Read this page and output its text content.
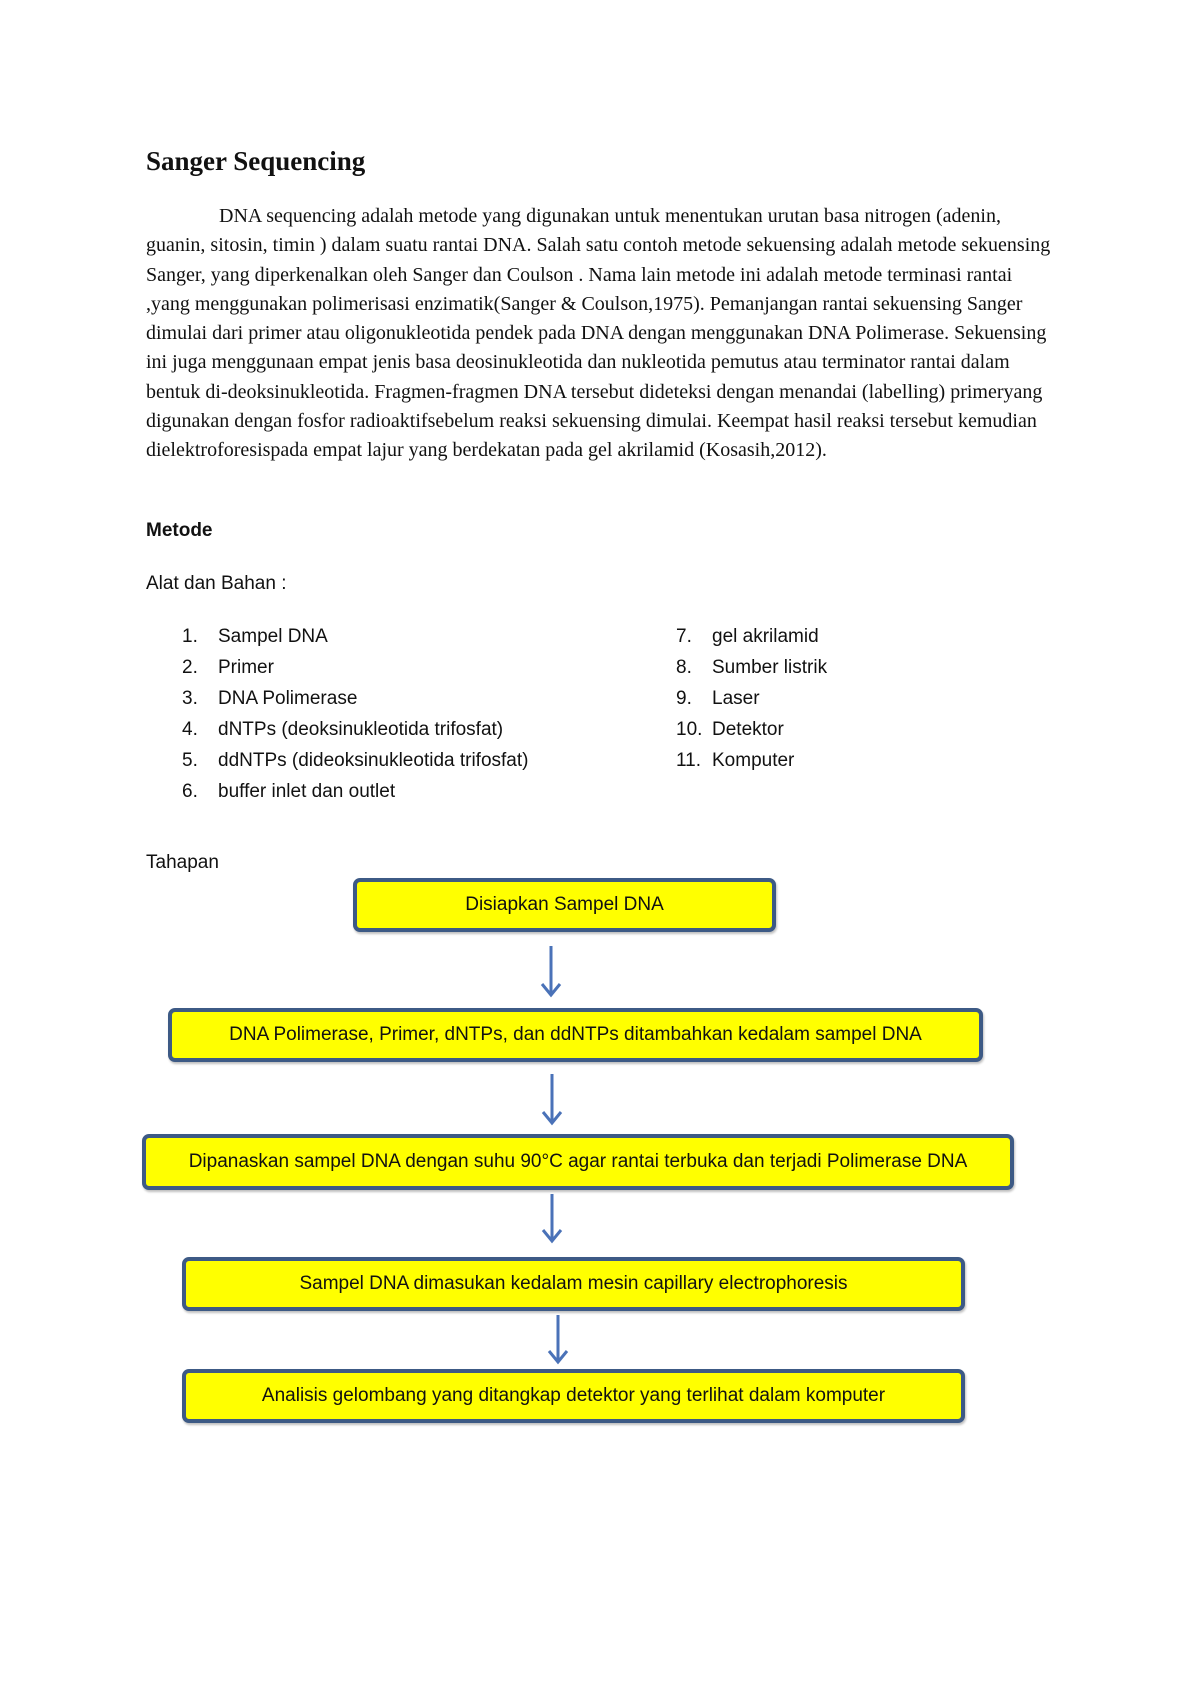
Sanger Sequencing

DNA sequencing adalah metode yang digunakan untuk menentukan urutan basa nitrogen (adenin, guanin, sitosin, timin ) dalam suatu rantai DNA. Salah satu contoh metode sekuensing adalah metode sekuensing Sanger, yang diperkenalkan oleh Sanger dan Coulson . Nama lain metode ini adalah metode terminasi rantai ,yang menggunakan polimerisasi enzimatik(Sanger & Coulson,1975). Pemanjangan rantai sekuensing Sanger dimulai dari primer atau oligonukleotida pendek pada DNA dengan menggunakan DNA Polimerase. Sekuensing ini juga menggunaan empat jenis basa deosinukleotida dan nukleotida pemutus atau terminator rantai dalam bentuk di-deoksinukleotida. Fragmen-fragmen DNA tersebut dideteksi dengan menandai (labelling) primeryang digunakan dengan fosfor radioaktifsebelum reaksi sekuensing dimulai. Keempat hasil reaksi tersebut kemudian dielektroforesispada empat lajur yang berdekatan pada gel akrilamid (Kosasih,2012).

Metode
Alat dan Bahan :
1. Sampel DNA
2. Primer
3. DNA Polimerase
4. dNTPs (deoksinukleotida trifosfat)
5. ddNTPs (dideoksinukleotida trifosfat)
6. buffer inlet dan outlet
7. gel akrilamid
8. Sumber listrik
9. Laser
10. Detektor
11. Komputer
Tahapan
Disiapkan Sampel DNA
DNA Polimerase, Primer, dNTPs, dan ddNTPs ditambahkan kedalam sampel DNA
Dipanaskan sampel DNA dengan suhu 90°C agar rantai terbuka dan terjadi Polimerase DNA
Sampel DNA dimasukan kedalam mesin capillary electrophoresis
Analisis gelombang yang ditangkap detektor yang terlihat dalam komputer
